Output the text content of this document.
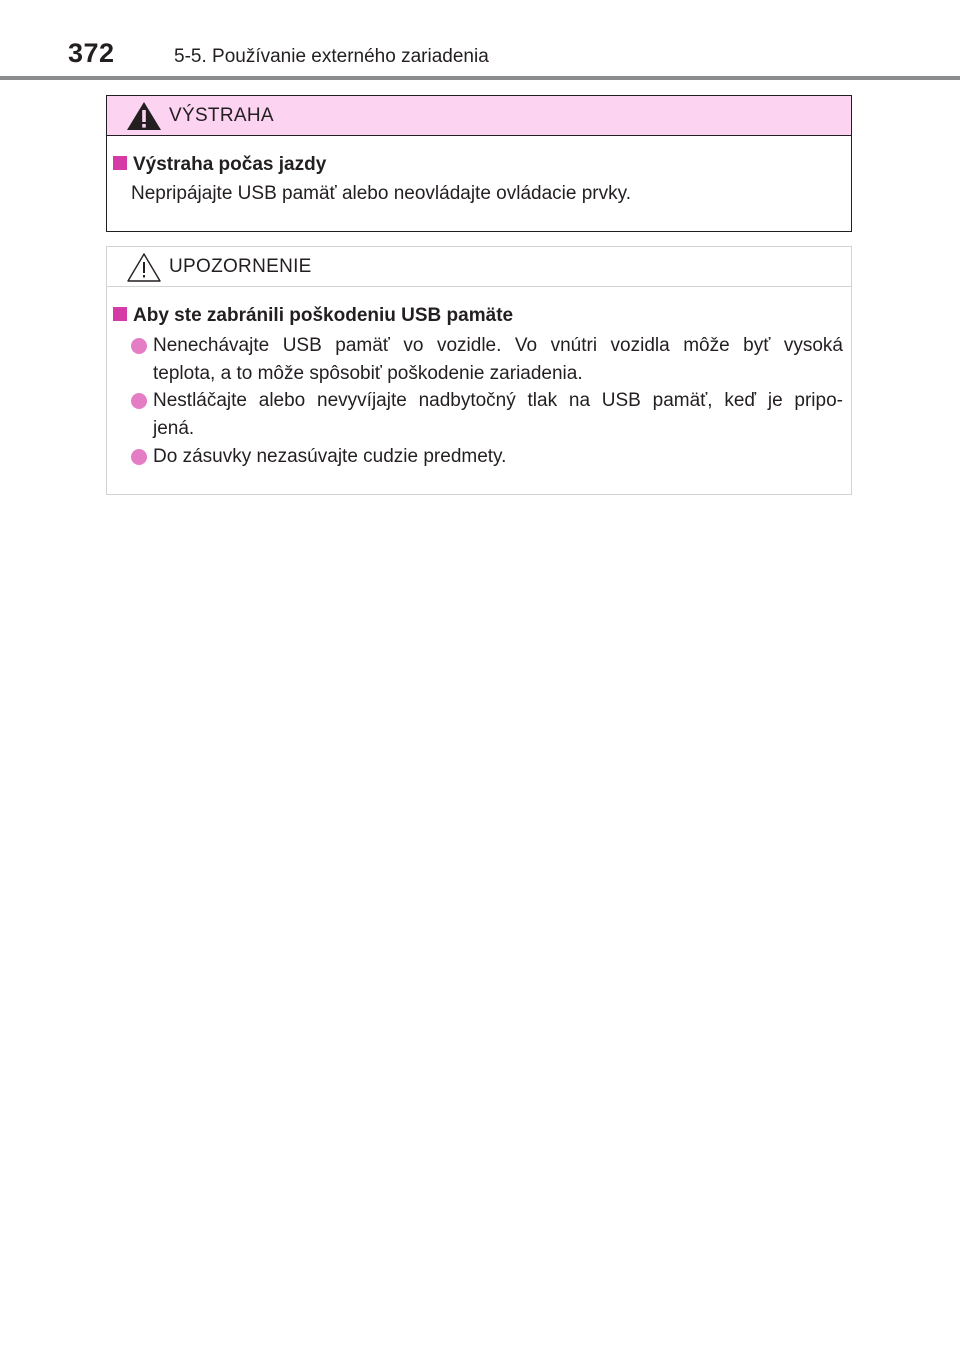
372	5-5. Používanie externého zariadenia
VÝSTRAHA
Výstraha počas jazdy
Nepripájajte USB pamäť alebo neovládajte ovládacie prvky.
UPOZORNENIE
Aby ste zabránili poškodeniu USB pamäte
Nenechávajte USB pamäť vo vozidle. Vo vnútri vozidla môže byť vysoká
teplota, a to môže spôsobiť poškodenie zariadenia.
Nestláčajte alebo nevyvíjajte nadbytočný tlak na USB pamäť, keď je pripo-
jená.
Do zásuvky nezasúvajte cudzie predmety.
